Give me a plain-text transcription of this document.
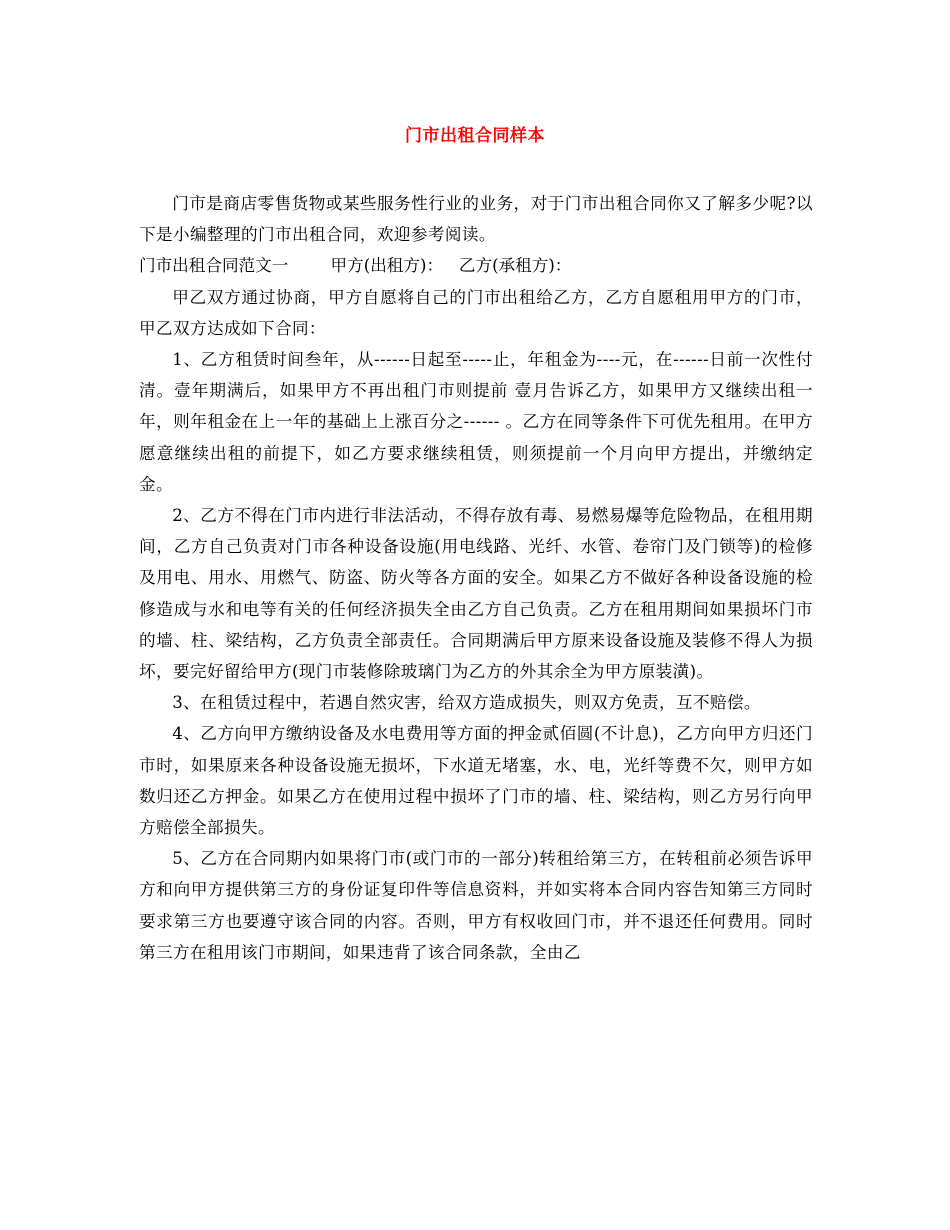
门市出租合同样本

门市是商店零售货物或某些服务性行业的业务，对于门市出租合同你又了解多少呢?以下是小编整理的门市出租合同，欢迎参考阅读。

门市出租合同范文一	甲方(出租方)： 乙方(承租方)：

甲乙双方通过协商，甲方自愿将自己的门市出租给乙方，乙方自愿租用甲方的门市，甲乙双方达成如下合同：

1、乙方租赁时间叁年，从------日起至-----止，年租金为----元，在------日前一次性付清。壹年期满后，如果甲方不再出租门市则提前 壹月告诉乙方，如果甲方又继续出租一年，则年租金在上一年的基础上上涨百分之------ 。乙方在同等条件下可优先租用。在甲方愿意继续出租的前提下，如乙方要求继续租赁，则须提前一个月向甲方提出，并缴纳定金。

2、乙方不得在门市内进行非法活动，不得存放有毒、易燃易爆等危险物品，在租用期间，乙方自己负责对门市各种设备设施(用电线路、光纤、水管、卷帘门及门锁等)的检修及用电、用水、用燃气、防盗、防火等各方面的安全。如果乙方不做好各种设备设施的检修造成与水和电等有关的任何经济损失全由乙方自己负责。乙方在租用期间如果损坏门市的墙、柱、梁结构，乙方负责全部责任。合同期满后甲方原来设备设施及装修不得人为损坏，要完好留给甲方(现门市装修除玻璃门为乙方的外其余全为甲方原装潢)。

3、在租赁过程中，若遇自然灾害，给双方造成损失，则双方免责，互不赔偿。

4、乙方向甲方缴纳设备及水电费用等方面的押金贰佰圆(不计息)，乙方向甲方归还门市时，如果原来各种设备设施无损坏，下水道无堵塞，水、电，光纤等费不欠，则甲方如数归还乙方押金。如果乙方在使用过程中损坏了门市的墙、柱、梁结构，则乙方另行向甲方赔偿全部损失。

5、乙方在合同期内如果将门市(或门市的一部分)转租给第三方，在转租前必须告诉甲方和向甲方提供第三方的身份证复印件等信息资料，并如实将本合同内容告知第三方同时要求第三方也要遵守该合同的内容。否则，甲方有权收回门市，并不退还任何费用。同时第三方在租用该门市期间，如果违背了该合同条款，全由乙
